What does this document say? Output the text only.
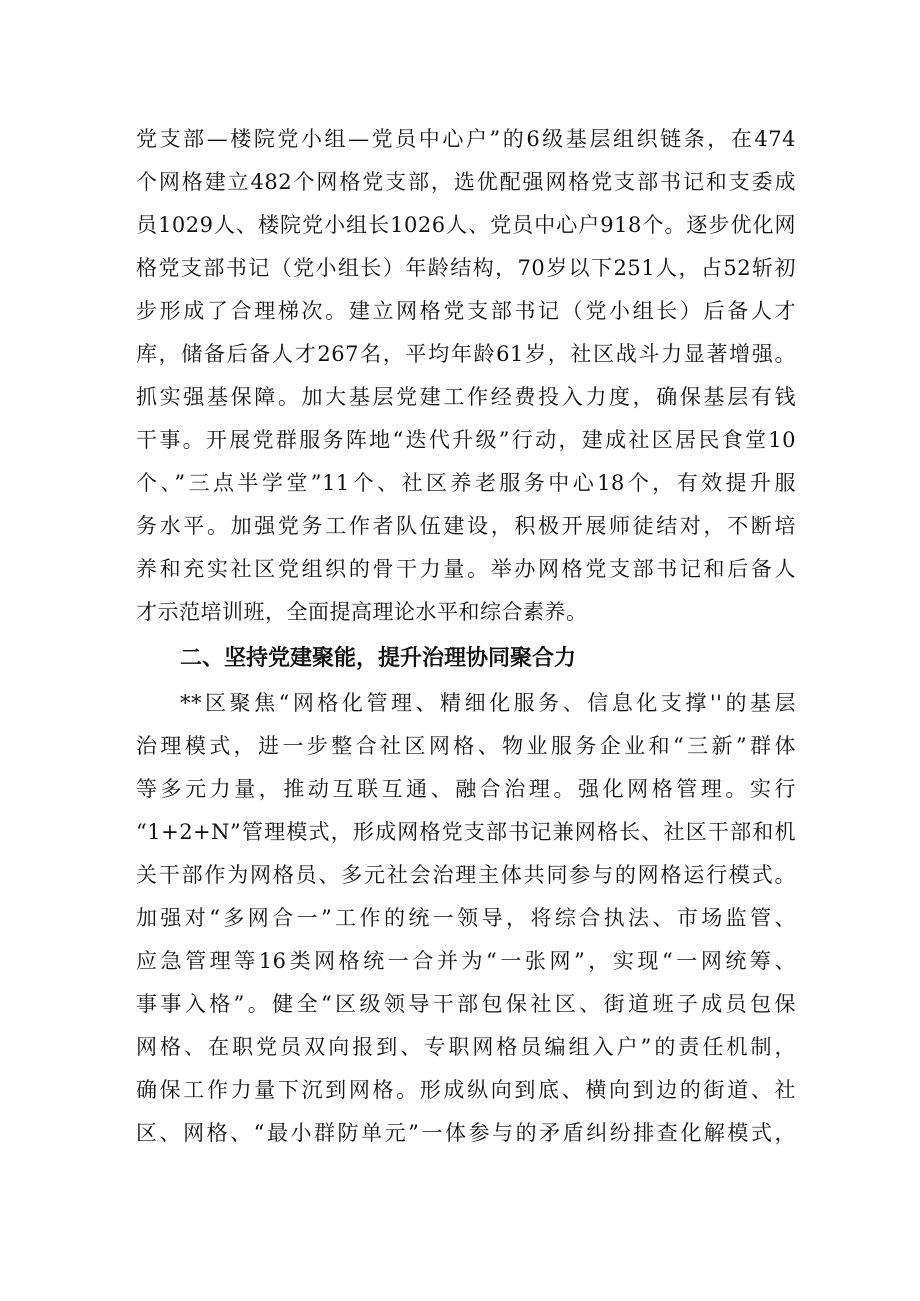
党支部—楼院党小组—党员中心户”的6级基层组织链条，在474
个网格建立482个网格党支部，选优配强网格党支部书记和支委成
员1029人、楼院党小组长1026人、党员中心户918个。逐步优化网
格党支部书记（党小组长）年龄结构，70岁以下251人，占52斩初
步形成了合理梯次。建立网格党支部书记（党小组长）后备人才
库，储备后备人才267名，平均年龄61岁，社区战斗力显著增强。
抓实强基保障。加大基层党建工作经费投入力度，确保基层有钱
干事。开展党群服务阵地“迭代升级”行动，建成社区居民食堂10
个、”三点半学堂”11个、社区养老服务中心18个，有效提升服
务水平。加强党务工作者队伍建设，积极开展师徒结对，不断培
养和充实社区党组织的骨干力量。举办网格党支部书记和后备人
才示范培训班，全面提高理论水平和综合素养。
二、坚持党建聚能，提升治理协同聚合力
**区聚焦“网格化管理、精细化服务、信息化支撑''的基层
治理模式，进一步整合社区网格、物业服务企业和“三新”群体
等多元力量，推动互联互通、融合治理。强化网格管理。实行
“1+2+N”管理模式，形成网格党支部书记兼网格长、社区干部和机
关干部作为网格员、多元社会治理主体共同参与的网格运行模式。
加强对“多网合一”工作的统一领导，将综合执法、市场监管、
应急管理等16类网格统一合并为“一张网”，实现“一网统筹、
事事入格”。健全“区级领导干部包保社区、街道班子成员包保
网格、在职党员双向报到、专职网格员编组入户”的责任机制，
确保工作力量下沉到网格。形成纵向到底、横向到边的街道、社
区、网格、“最小群防单元”一体参与的矛盾纠纷排查化解模式，
